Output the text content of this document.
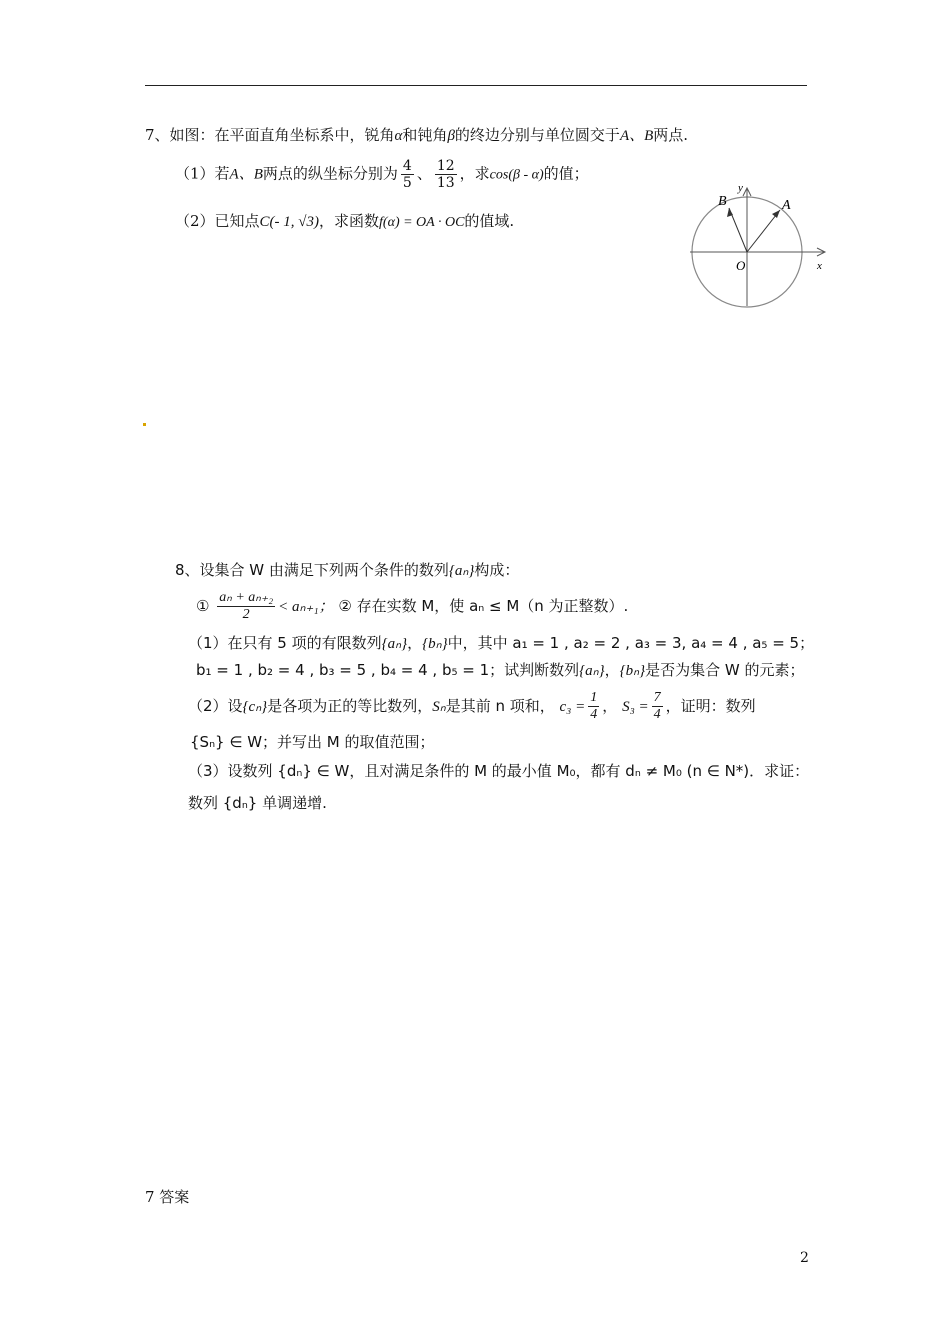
7、如图：在平面直角坐标系中，锐角α和钝角β的终边分别与单位圆交于A、B两点.
（1）若A、B两点的纵坐标分别为 $\frac{4}{5}$ 、 $\frac{12}{13}$ ，求cos(β - α)的值；
（2）已知点C(- 1, √3)，求函数f(α) = OA · OC的值域.
y
x
A
B
O
8、设集合 W 由满足下列两个条件的数列{aₙ}构成：
① $\frac{\text{aₙ + aₙ₊₂}}{2} < a_{n+1}$； ② 存在实数 M，使 aₙ ≤ M（n 为正整数）.
（1）在只有 5 项的有限数列{aₙ}，{bₙ}中，其中 a₁ = 1 , a₂ = 2 , a₃ = 3, a₄ = 4 , a₅ = 5；
b₁ = 1 , b₂ = 4 , b₃ = 5 , b₄ = 4 , b₅ = 1；试判断数列{aₙ}，{bₙ}是否为集合 W 的元素；
（2）设{cₙ}是各项为正的等比数列，Sₙ是其前 n 项和， $c_3 = \frac{1}{4}$ ， $S_3 = \frac{7}{4}$ ，证明：数列
{Sₙ} ∈ W；并写出 M 的取值范围；
（3）设数列 {dₙ} ∈ W，且对满足条件的 M 的最小值 M₀，都有 dₙ ≠ M₀ (n ∈ N*)．求证：
数列 {dₙ} 单调递增.
7 答案
2
